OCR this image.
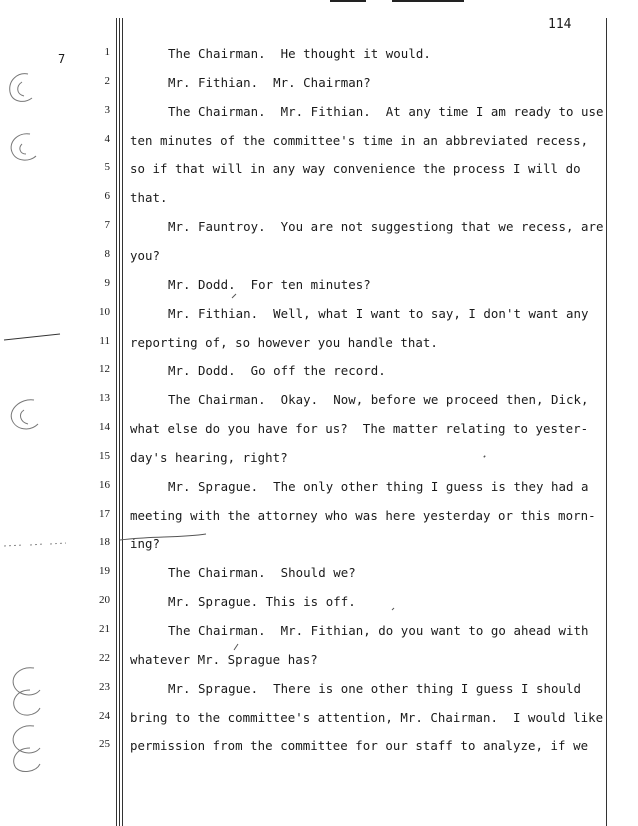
114
7	1
2
3
4
5
6
7
8
9
10
11
12
13
14
15
16
17
18
19
20
21
22
23
24
25
The Chairman.  He thought it would.
Mr. Fithian.  Mr. Chairman?
The Chairman.  Mr. Fithian.  At any time I am ready to use
ten minutes of the committee's time in an abbreviated recess,
so if that will in any way convenience the process I will do
that.
Mr. Fauntroy.  You are not suggestiong that we recess, are
you?
Mr. Dodd.  For ten minutes?
Mr. Fithian.  Well, what I want to say, I don't want any
reporting of, so however you handle that.
Mr. Dodd.  Go off the record.
The Chairman.  Okay.  Now, before we proceed then, Dick,
what else do you have for us?  The matter relating to yester-
day's hearing, right?
Mr. Sprague.  The only other thing I guess is they had a
meeting with the attorney who was here yesterday or this morn-
ing?
The Chairman.  Should we?
Mr. Sprague. This is off.
The Chairman.  Mr. Fithian, do you want to go ahead with
whatever Mr. Sprague has?
Mr. Sprague.  There is one other thing I guess I should
bring to the committee's attention, Mr. Chairman.  I would like
permission from the committee for our staff to analyze, if we
